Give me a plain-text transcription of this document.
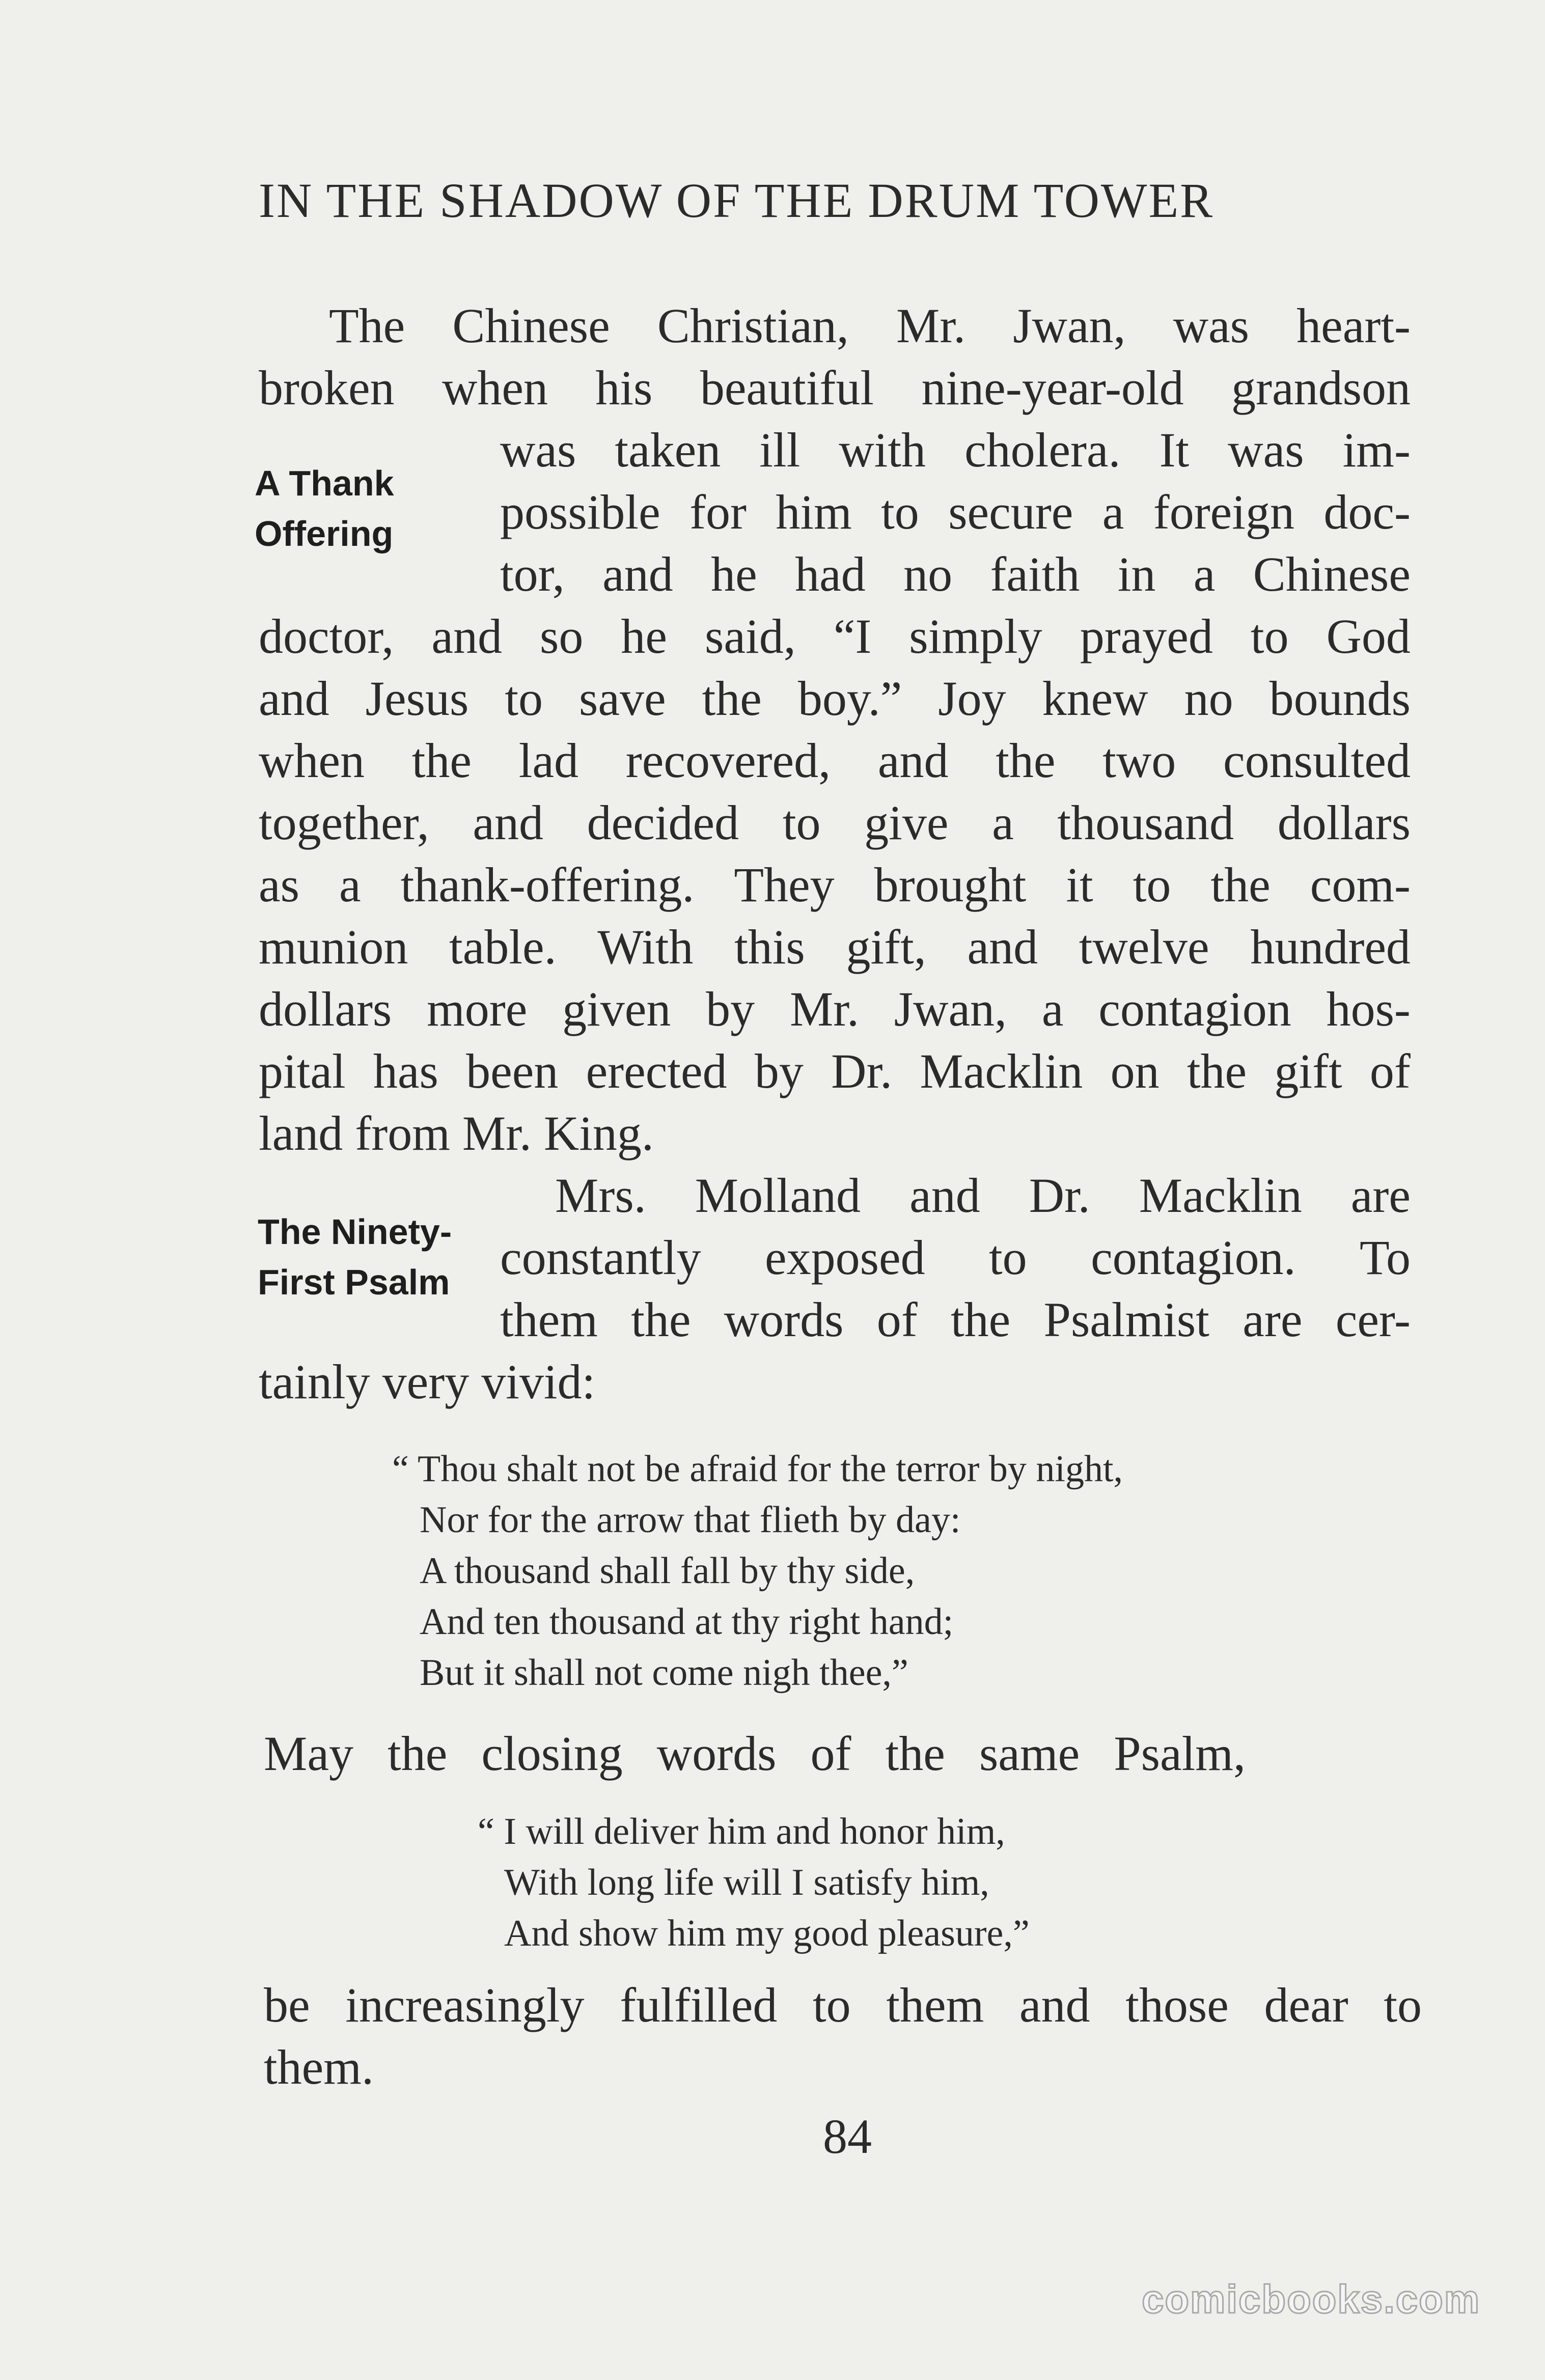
IN THE SHADOW OF THE DRUM TOWER
The Chinese Christian, Mr. Jwan, was heart-
broken when his beautiful nine-year-old grandson
A Thank
Offering
was taken ill with cholera. It was im-
possible for him to secure a foreign doc-
tor, and he had no faith in a Chinese
doctor, and so he said, “I simply prayed to God
and Jesus to save the boy.” Joy knew no bounds
when the lad recovered, and the two consulted
together, and decided to give a thousand dollars
as a thank-offering. They brought it to the com-
munion table. With this gift, and twelve hundred
dollars more given by Mr. Jwan, a contagion hos-
pital has been erected by Dr. Macklin on the gift of
land from Mr. King.
The Ninety-
First Psalm
Mrs. Molland and Dr. Macklin are
constantly exposed to contagion. To
them the words of the Psalmist are cer-
tainly very vivid:
“ Thou shalt not be afraid for the terror by night,
Nor for the arrow that flieth by day:
A thousand shall fall by thy side,
And ten thousand at thy right hand;
But it shall not come nigh thee,”
May the closing words of the same Psalm,
“ I will deliver him and honor him,
With long life will I satisfy him,
And show him my good pleasure,”
be increasingly fulfilled to them and those dear to
them.
84
comicbooks.com
